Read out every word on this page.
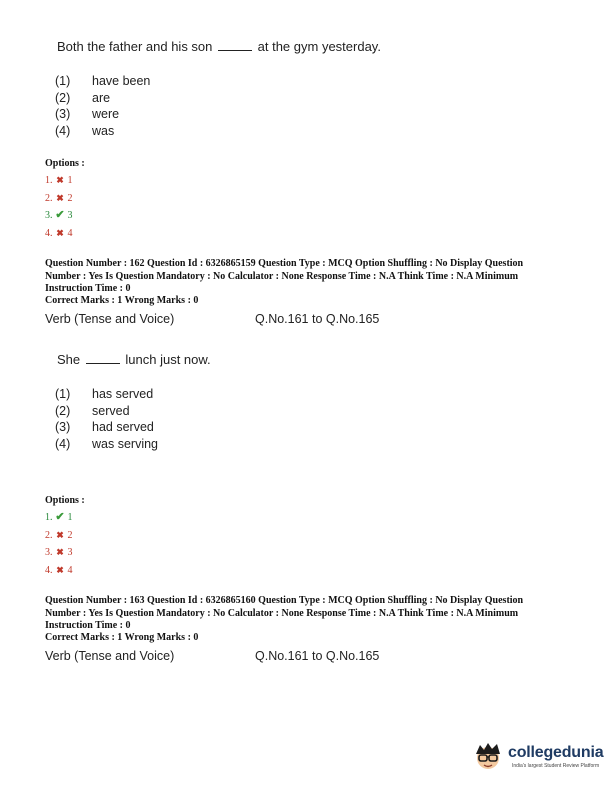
Both the father and his son	at the gym yesterday.
(1) have been
(2) are
(3) were
(4) was
Options :
1. ✖ 1
2. ✖ 2
3. ✔ 3
4. ✖ 4
Question Number : 162 Question Id : 6326865159 Question Type : MCQ Option Shuffling : No Display Question
Number : Yes Is Question Mandatory : No Calculator : None Response Time : N.A Think Time : N.A Minimum
Instruction Time : 0
Correct Marks : 1 Wrong Marks : 0
Verb (Tense and Voice)	Q.No.161 to Q.No.165
She	lunch just now.
(1) has served
(2) served
(3) had served
(4) was serving
Options :
1. ✔ 1
2. ✖ 2
3. ✖ 3
4. ✖ 4
Question Number : 163 Question Id : 6326865160 Question Type : MCQ Option Shuffling : No Display Question
Number : Yes Is Question Mandatory : No Calculator : None Response Time : N.A Think Time : N.A Minimum
Instruction Time : 0
Correct Marks : 1 Wrong Marks : 0
Verb (Tense and Voice)	Q.No.161 to Q.No.165
collegedunia
India's largest Student Review Platform
